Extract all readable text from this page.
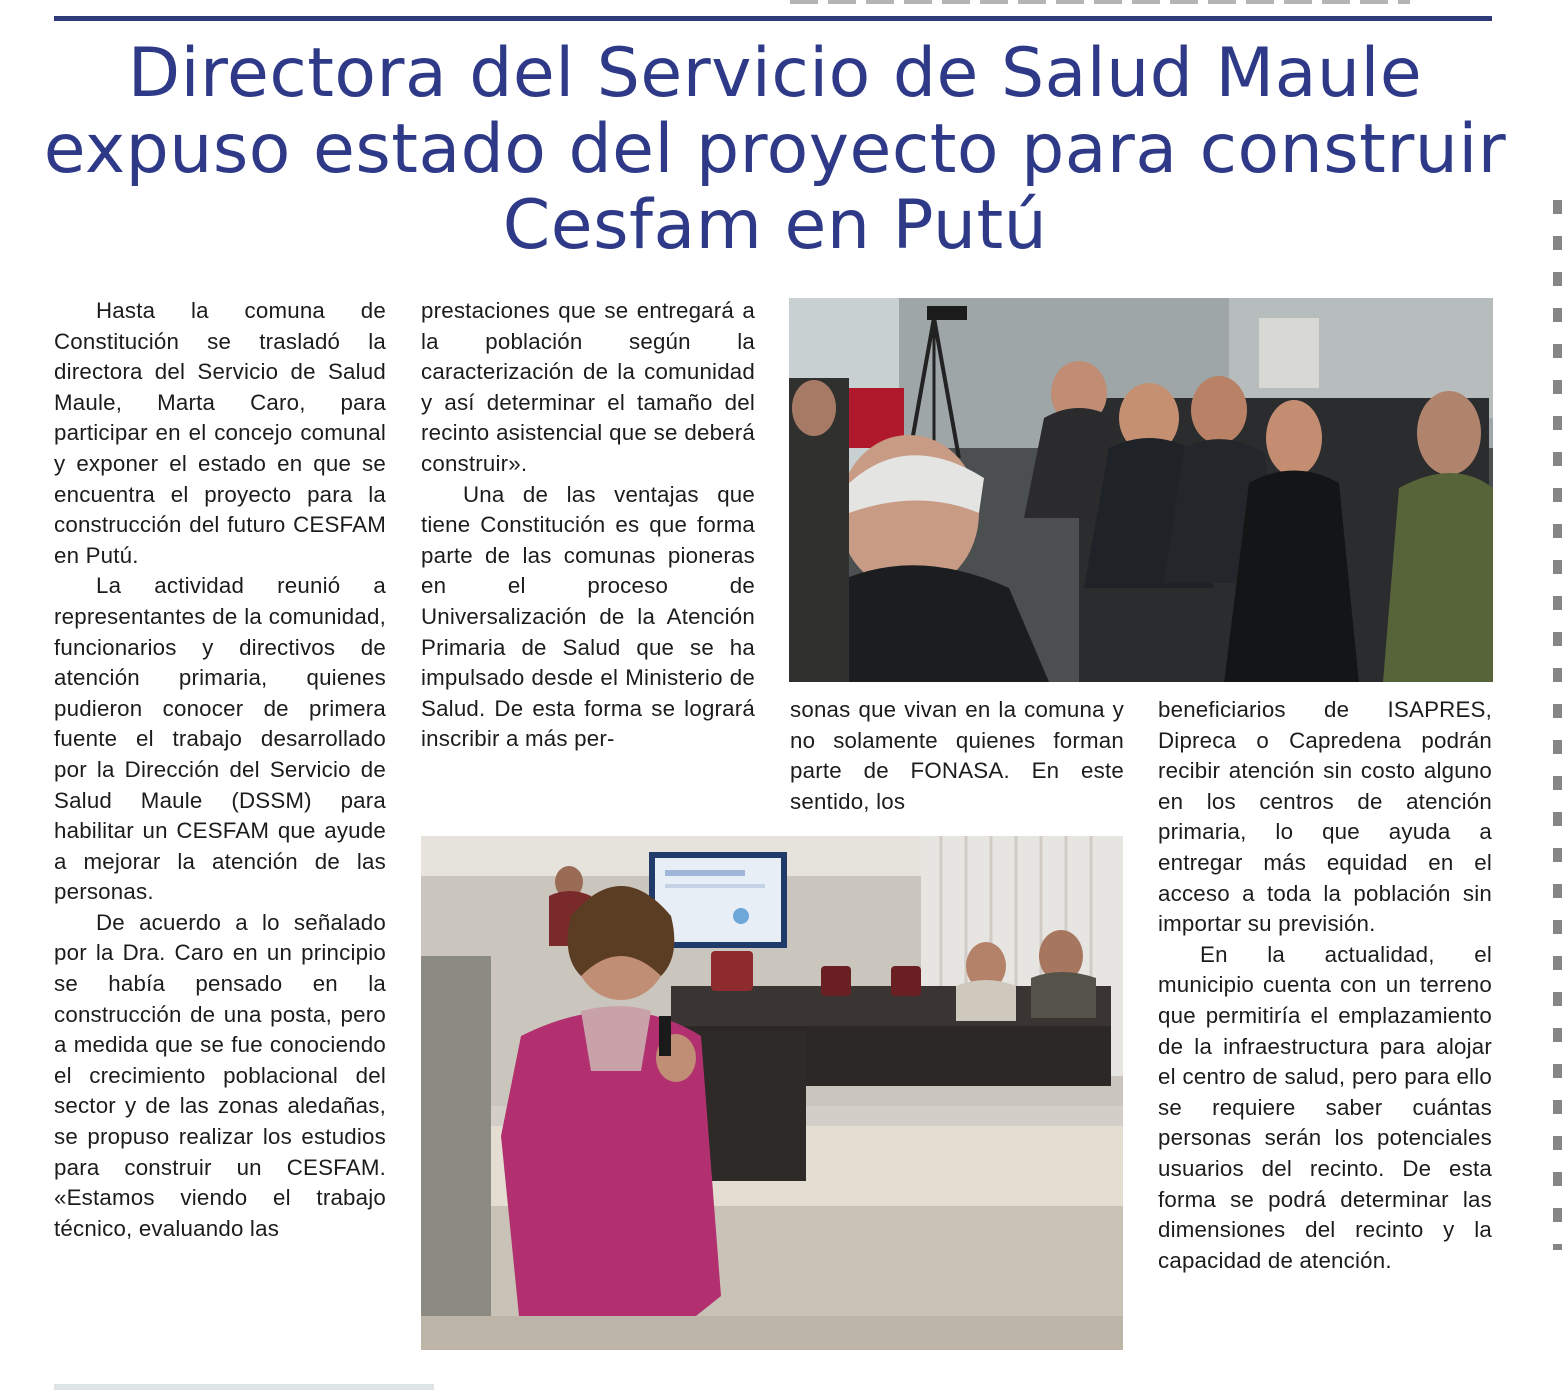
Directora del Servicio de Salud Maule expuso estado del proyecto para construir Cesfam en Putú

Hasta la comuna de Constitución se trasladó la directora del Servicio de Salud Maule, Marta Caro, para participar en el concejo comunal y exponer el estado en que se encuentra el proyecto para la construcción del futuro CESFAM en Putú.

La actividad reunió a representantes de la comunidad, funcionarios y directivos de atención primaria, quienes pudieron conocer de primera fuente el trabajo desarrollado por la Dirección del Servicio de Salud Maule (DSSM) para habilitar un CESFAM que ayude a mejorar la atención de las personas.

De acuerdo a lo señalado por la Dra. Caro en un principio se había pensado en la construcción de una posta, pero a medida que se fue conociendo el crecimiento poblacional del sector y de las zonas aledañas, se propuso realizar los estudios para construir un CESFAM. «Estamos viendo el trabajo técnico, evaluando las

prestaciones que se entregará a la población según la caracterización de la comunidad y así determinar el tamaño del recinto asistencial que se deberá construir».

Una de las ventajas que tiene Constitución es que forma parte de las comunas pioneras en el proceso de Universalización de la Atención Primaria de Salud que se ha impulsado desde el Ministerio de Salud. De esta forma se logrará inscribir a más per-

sonas que vivan en la comuna y no solamente quienes forman parte de FONASA. En este sentido, los

beneficiarios de ISAPRES, Dipreca o Capredena podrán recibir atención sin costo alguno en los centros de atención primaria, lo que ayuda a entregar más equidad en el acceso a toda la población sin importar su previsión.

En la actualidad, el municipio cuenta con un terreno que permitiría el emplazamiento de la infraestructura para alojar el centro de salud, pero para ello se requiere saber cuántas personas serán los potenciales usuarios del recinto. De esta forma se podrá determinar las dimensiones del recinto y la capacidad de atención.
